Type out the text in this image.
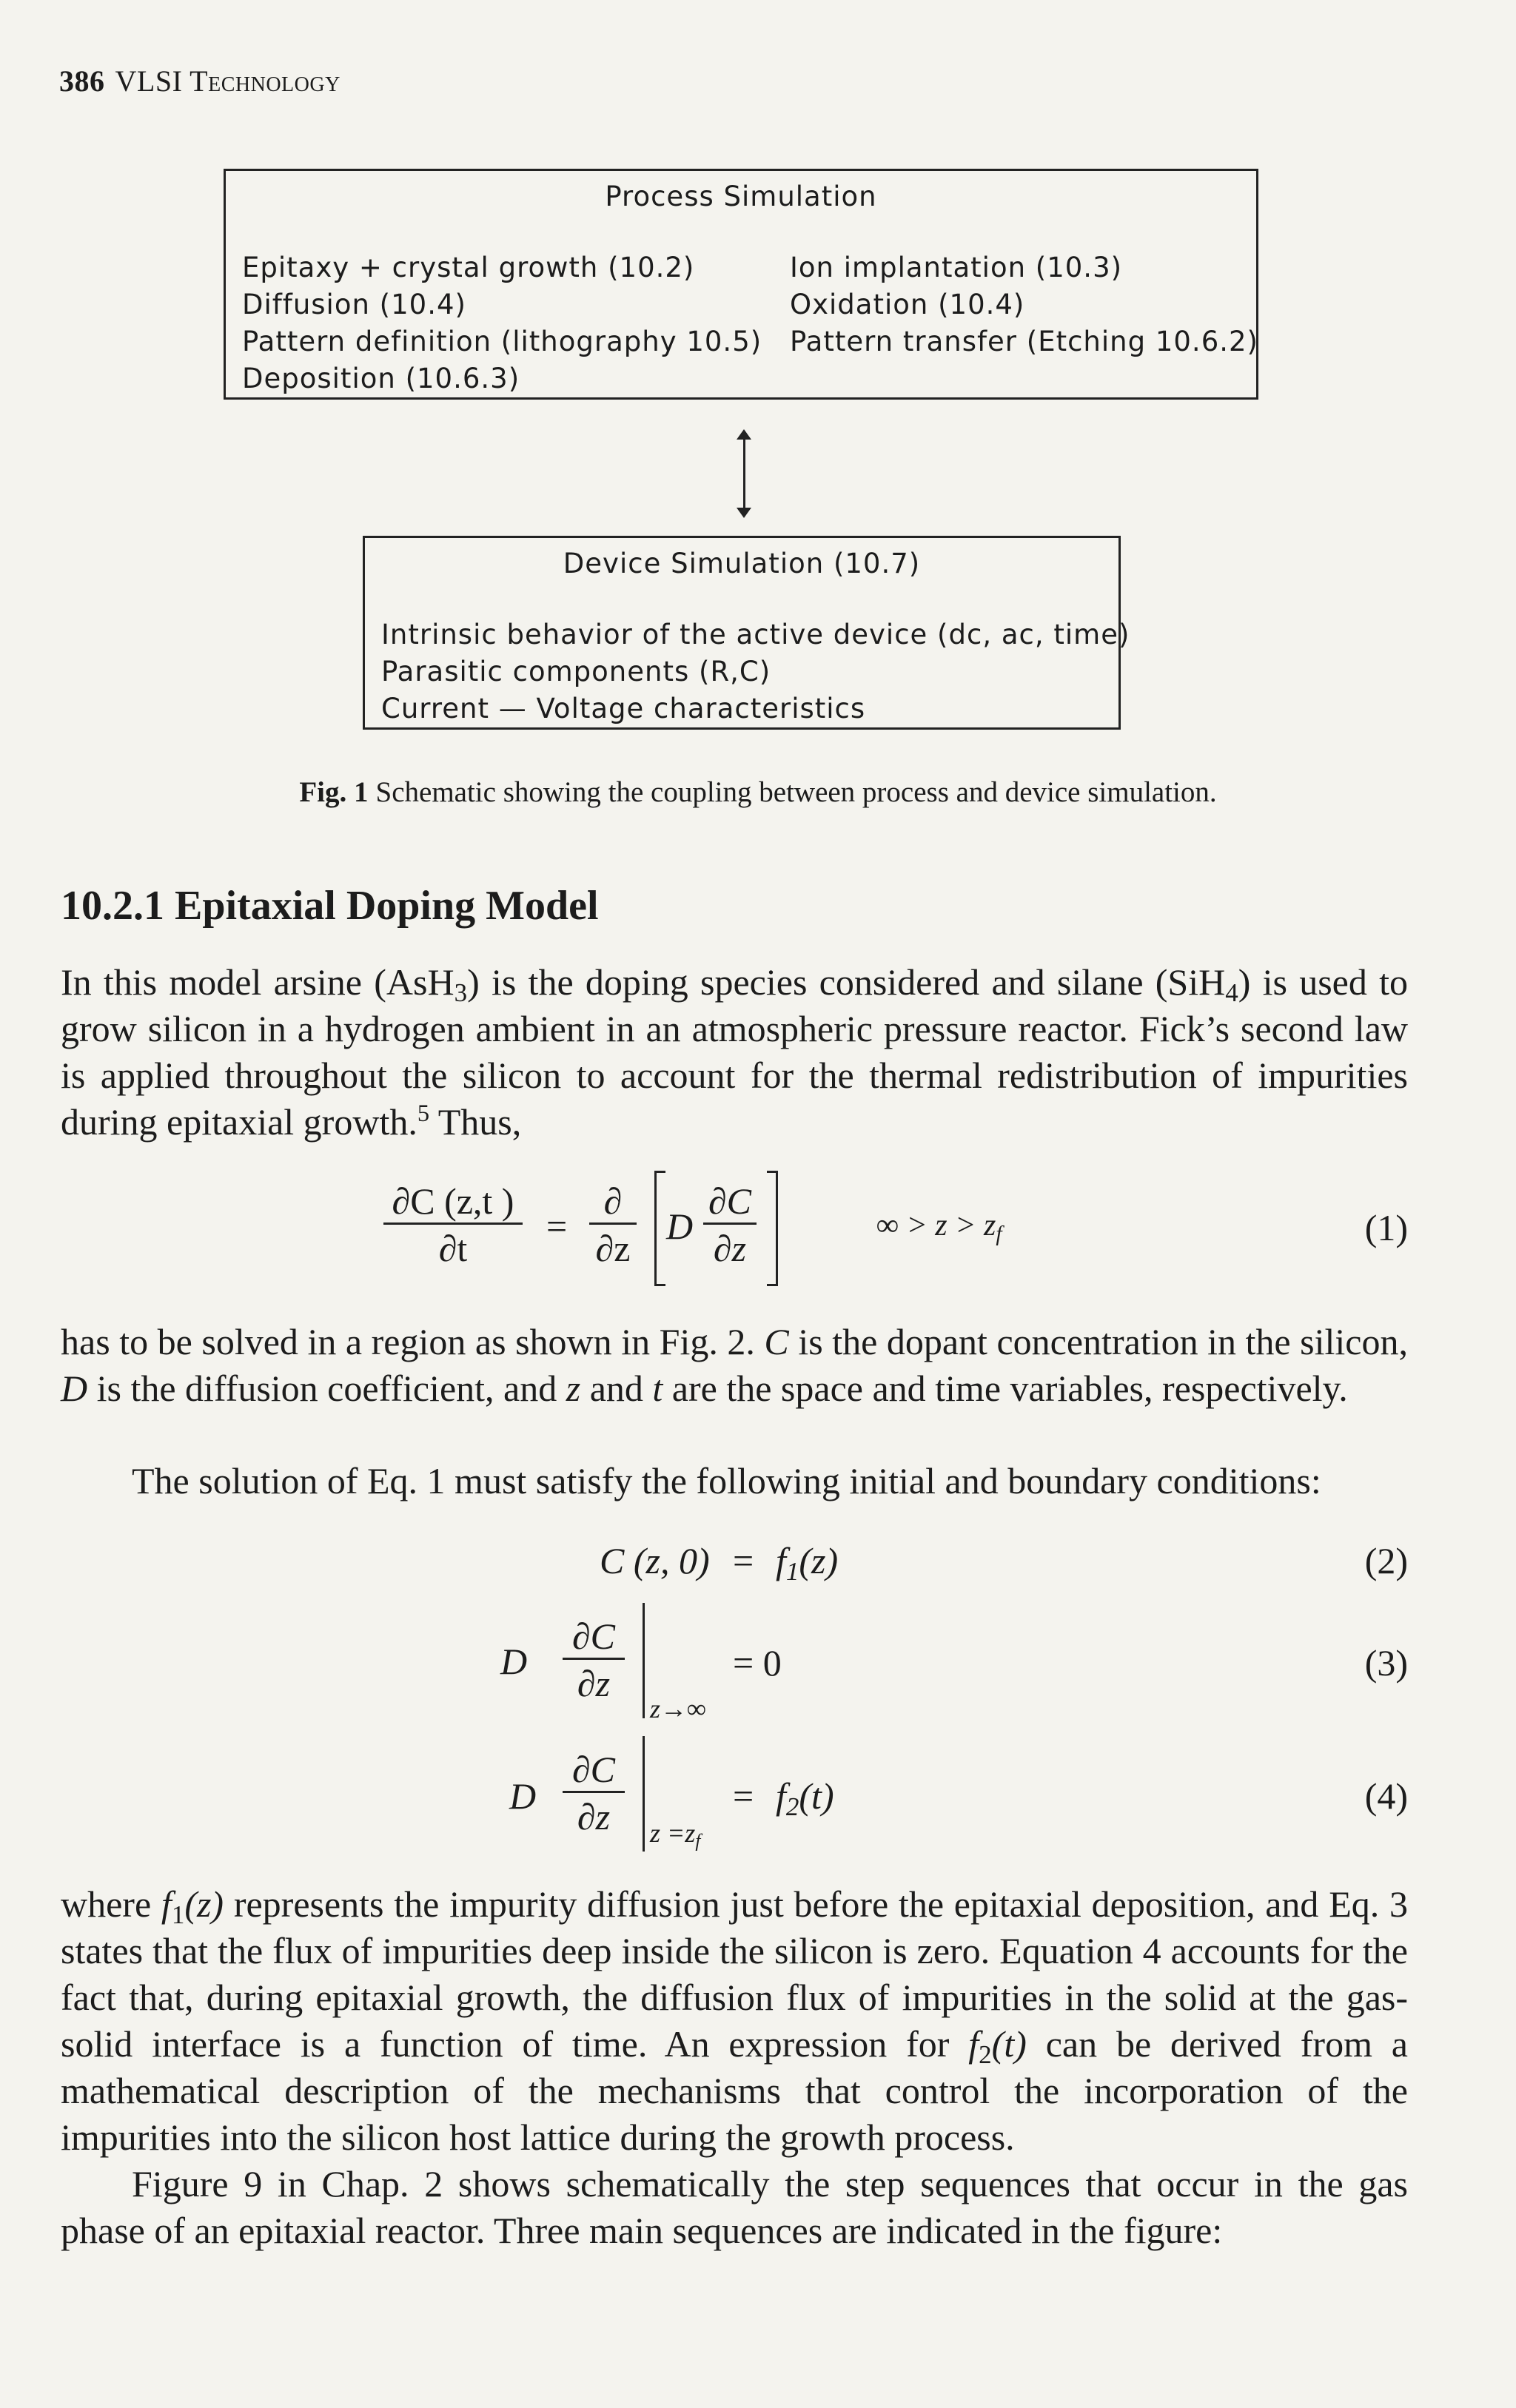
386 VLSI Technology
Process Simulation
Epitaxy + crystal growth (10.2)
Diffusion (10.4)
Pattern definition (lithography 10.5)
Deposition (10.6.3)
Ion implantation (10.3)
Oxidation (10.4)
Pattern transfer (Etching 10.6.2)
Device Simulation (10.7)
Intrinsic behavior of the active device (dc, ac, time)
Parasitic components (R,C)
Current — Voltage characteristics
Fig. 1 Schematic showing the coupling between process and device simulation.
10.2.1 Epitaxial Doping Model
In this model arsine (AsH$_3$) is the doping species considered and silane (SiH$_4$) is used to grow silicon in a hydrogen ambient in an atmospheric pressure reactor. Fick’s second law is applied throughout the silicon to account for the thermal redistribution of impurities during epitaxial growth.$^5$ Thus,
∂C (z,t )
∂t
=
∂
∂z
D
∂C
∂z
∞ > $z > z_f$	(1)
has to be solved in a region as shown in Fig. 2. C is the dopant concentration in the silicon, D is the diffusion coefficient, and z and t are the space and time variables, respectively.
The solution of Eq. 1 must satisfy the following initial and boundary conditions:
C (z, $0) = f_1(z)$	(2)
D
∂C
∂z
z→∞
= 0	(3)
D
∂C
∂z	$z =z_f$
= $f_2(t)$	(4)
where $f_1(z)$ represents the impurity diffusion just before the epitaxial deposition, and Eq. 3 states that the flux of impurities deep inside the silicon is zero. Equation 4 accounts for the fact that, during epitaxial growth, the diffusion flux of impurities in the solid at the gas-solid interface is a function of time. An expression for $f_2(t)$ can be derived from a mathematical description of the mechanisms that control the incorporation of the impurities into the silicon host lattice during the growth process.
Figure 9 in Chap. 2 shows schematically the step sequences that occur in the gas phase of an epitaxial reactor. Three main sequences are indicated in the figure:
